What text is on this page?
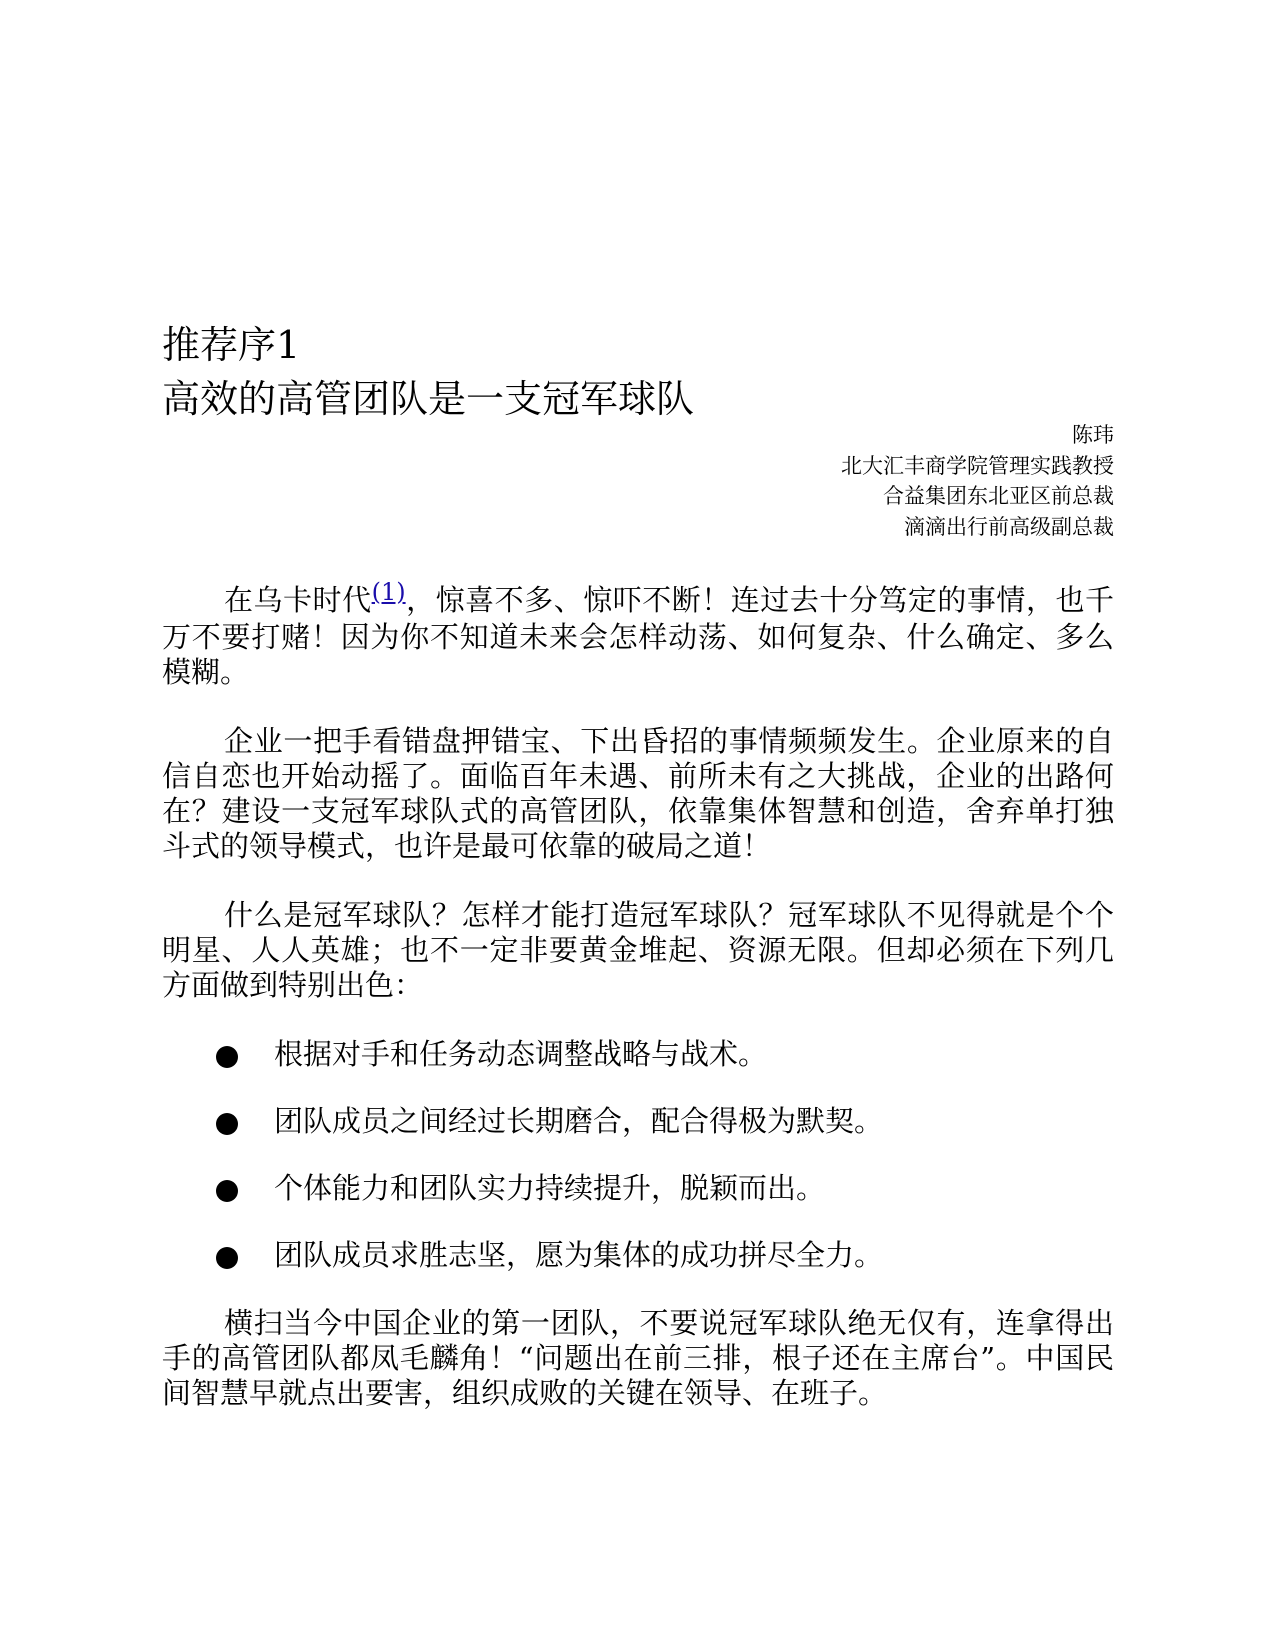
推荐序1
高效的高管团队是一支冠军球队
陈玮
北大汇丰商学院管理实践教授
合益集团东北亚区前总裁
滴滴出行前高级副总裁

在乌卡时代$^{(1)}$，惊喜不多、惊吓不断！连过去十分笃定的事情，也千万不要打赌！因为你不知道未来会怎样动荡、如何复杂、什么确定、多么模糊。

企业一把手看错盘押错宝、下出昏招的事情频频发生。企业原来的自信自恋也开始动摇了。面临百年未遇、前所未有之大挑战，企业的出路何在？建设一支冠军球队式的高管团队，依靠集体智慧和创造，舍弃单打独斗式的领导模式，也许是最可依靠的破局之道！

什么是冠军球队？怎样才能打造冠军球队？冠军球队不见得就是个个明星、人人英雄；也不一定非要黄金堆起、资源无限。但却必须在下列几方面做到特别出色：

根据对手和任务动态调整战略与战术。
团队成员之间经过长期磨合，配合得极为默契。
个体能力和团队实力持续提升，脱颖而出。
团队成员求胜志坚，愿为集体的成功拼尽全力。

横扫当今中国企业的第一团队，不要说冠军球队绝无仅有，连拿得出手的高管团队都凤毛麟角！“问题出在前三排，根子还在主席台”。中国民间智慧早就点出要害，组织成败的关键在领导、在班子。
